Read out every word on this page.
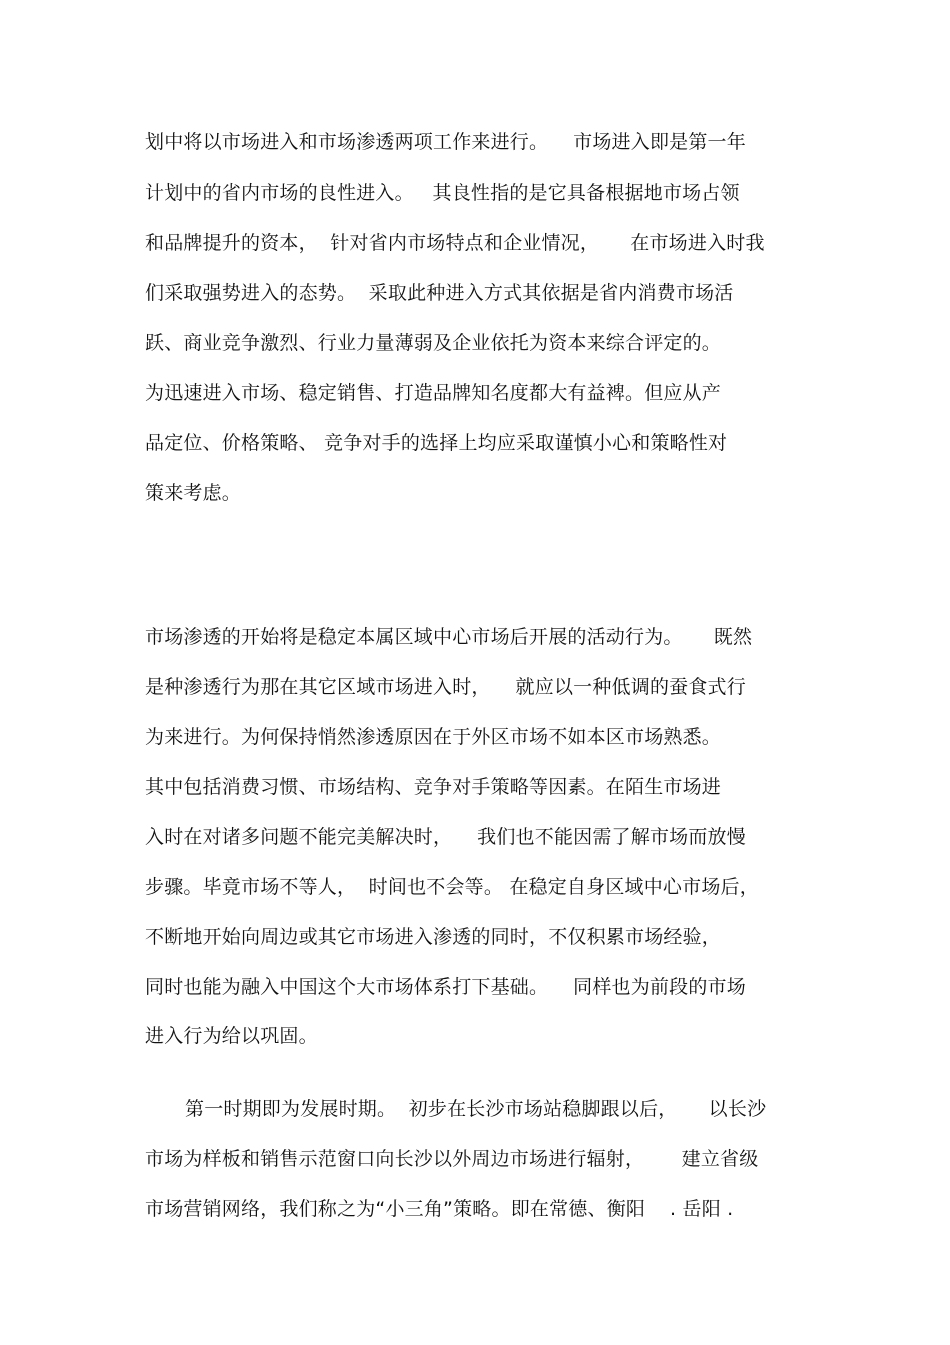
划中将以市场进入和市场渗透两项工作来进行。    市场进入即是第一年
计划中的省内市场的良性进入。   其良性指的是它具备根据地市场占领
和品牌提升的资本，  针对省内市场特点和企业情况，     在市场进入时我
们采取强势进入的态势。  采取此种进入方式其依据是省内消费市场活
跃、商业竞争激烈、行业力量薄弱及企业依托为资本来综合评定的。
为迅速进入市场、稳定销售、打造品牌知名度都大有益裨。但应从产
品定位、价格策略、 竞争对手的选择上均应采取谨慎小心和策略性对
策来考虑。
市场渗透的开始将是稳定本属区域中心市场后开展的活动行为。     既然
是种渗透行为那在其它区域市场进入时，    就应以一种低调的蚕食式行
为来进行。为何保持悄然渗透原因在于外区市场不如本区市场熟悉。
其中包括消费习惯、市场结构、竞争对手策略等因素。在陌生市场进
入时在对诸多问题不能完美解决时，    我们也不能因需了解市场而放慢
步骤。毕竟市场不等人，  时间也不会等。 在稳定自身区域中心市场后，
不断地开始向周边或其它市场进入渗透的同时，不仅积累市场经验，
同时也能为融入中国这个大市场体系打下基础。    同样也为前段的市场
进入行为给以巩固。
第一时期即为发展时期。  初步在长沙市场站稳脚跟以后，     以长沙
市场为样板和销售示范窗口向长沙以外周边市场进行辐射，      建立省级
市场营销网络，我们称之为“小三角”策略。即在常德、衡阳    . 岳阳 .
